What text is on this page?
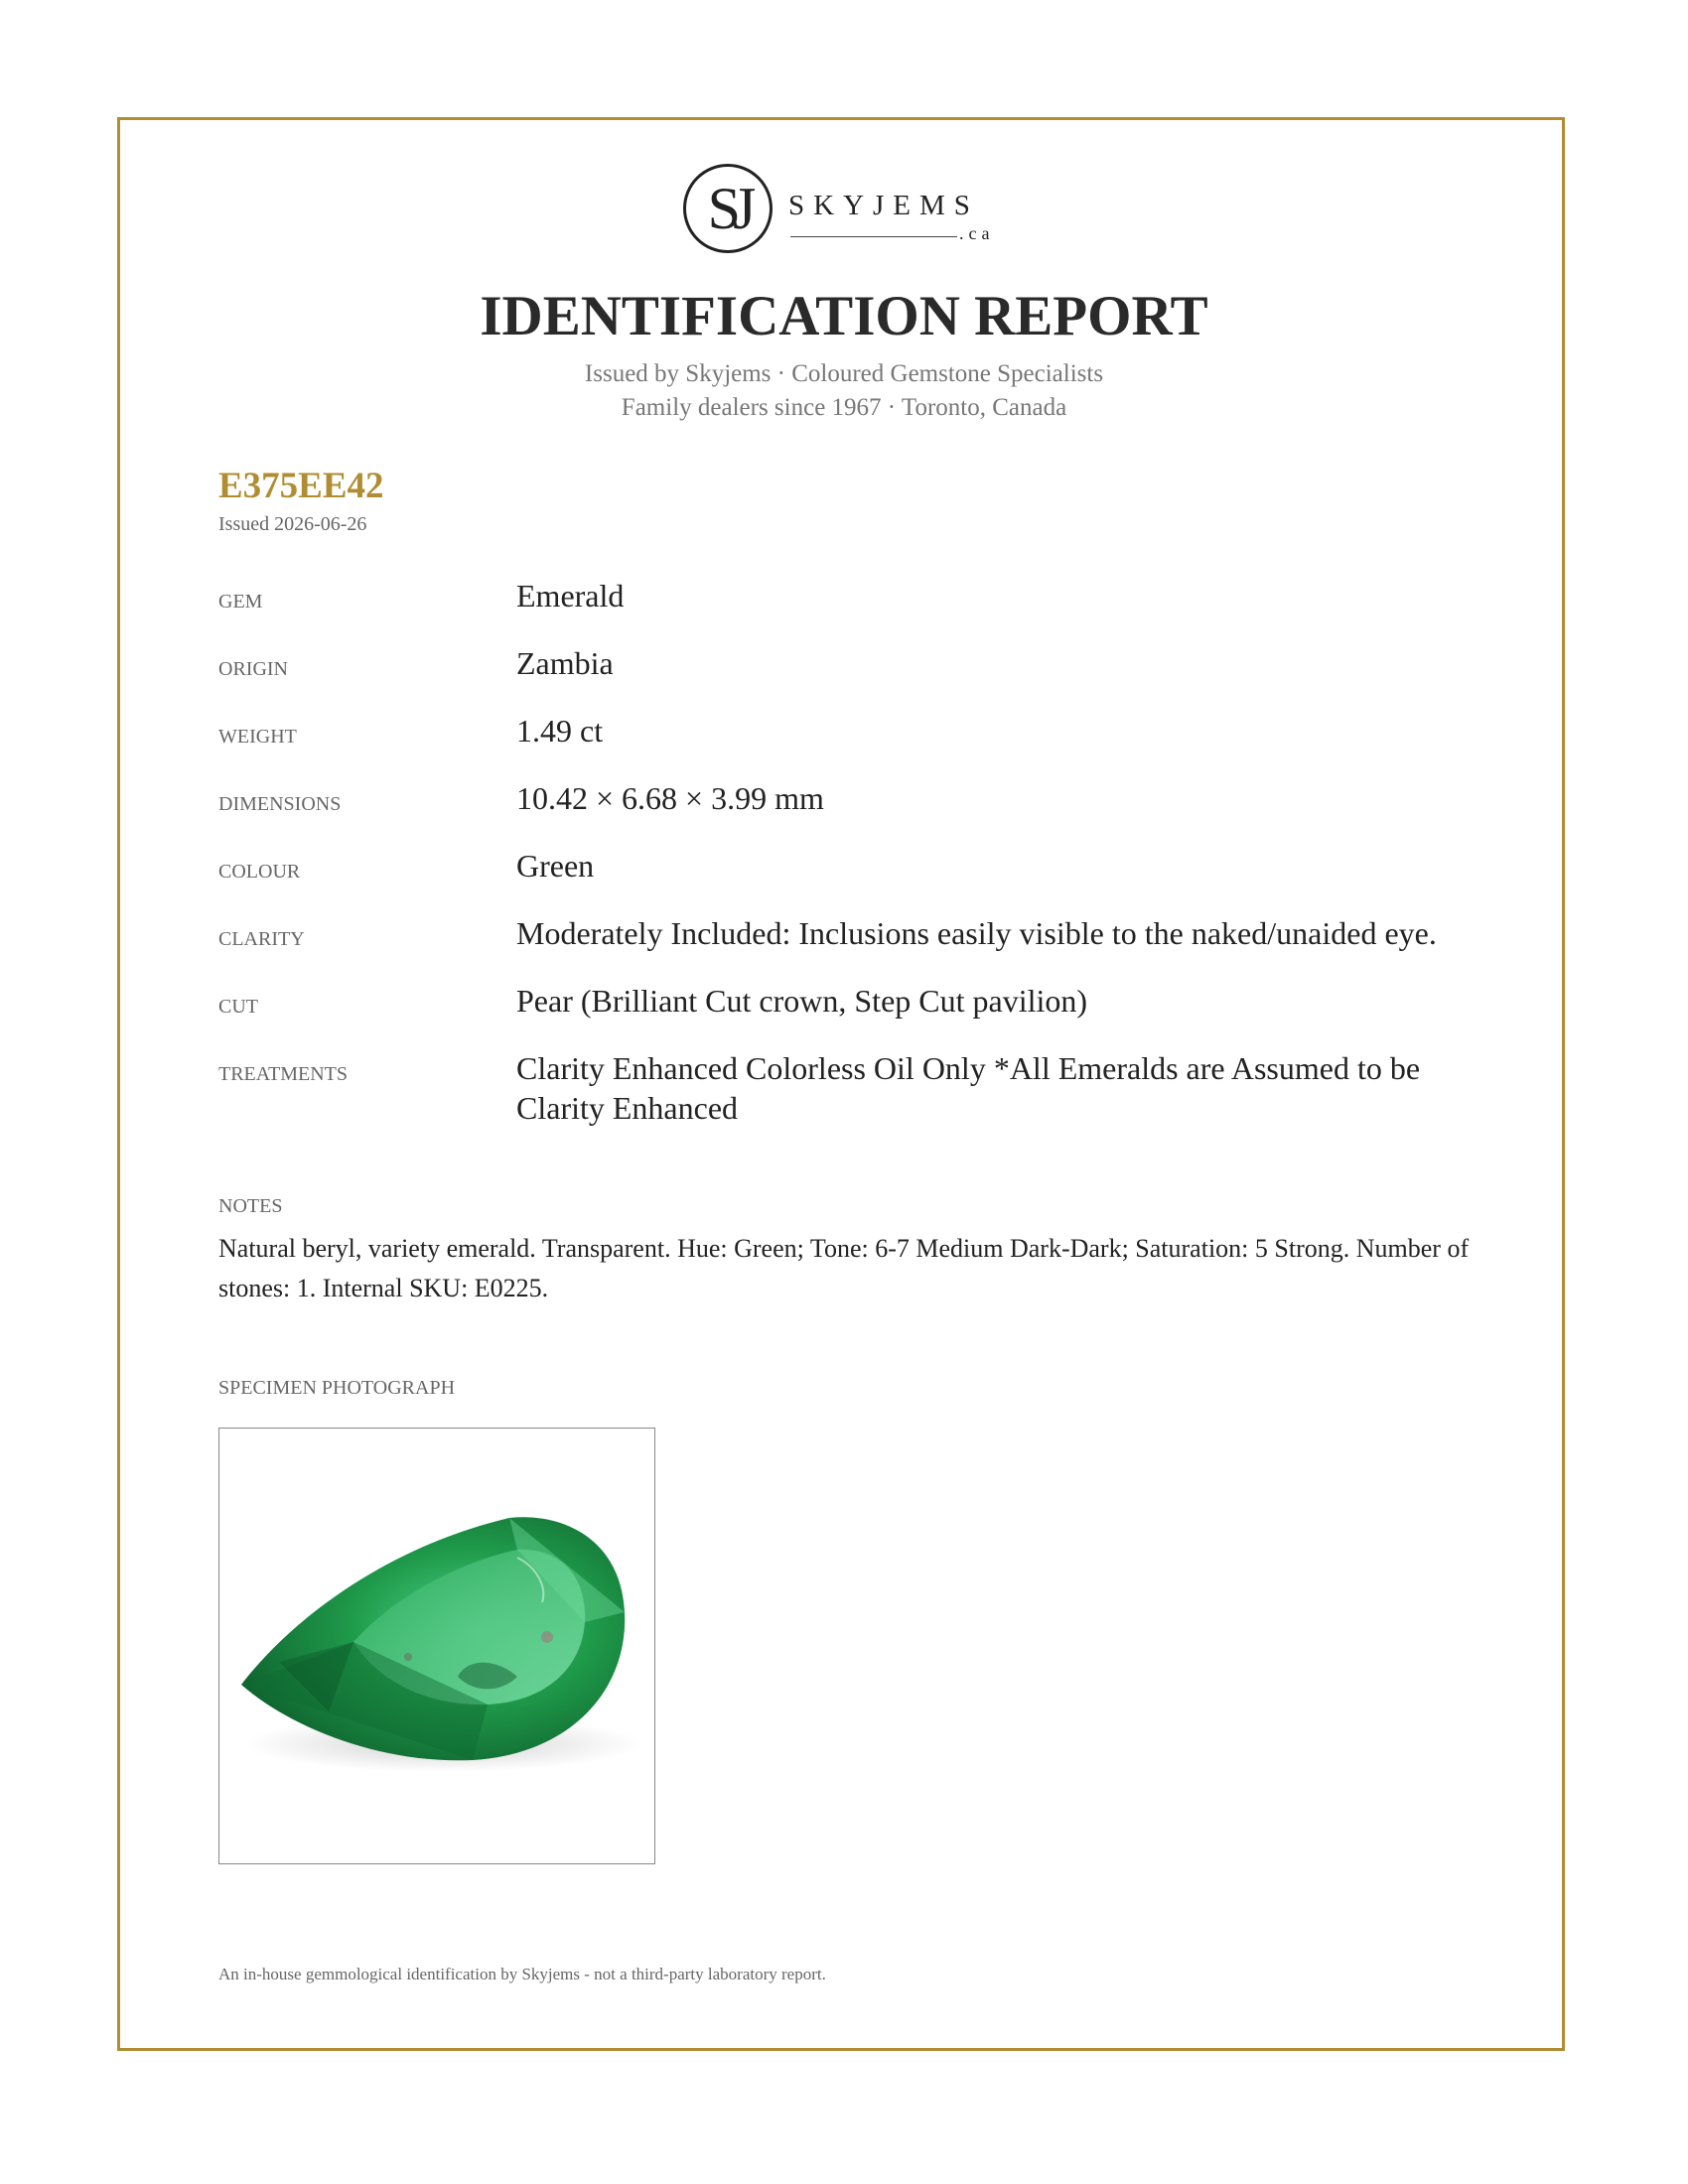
SJ	SKYJEMS
.ca
IDENTIFICATION REPORT
Issued by Skyjems · Coloured Gemstone Specialists
Family dealers since 1967 · Toronto, Canada
E375EE42
Issued 2026-06-26
GEM	Emerald
ORIGIN	Zambia
WEIGHT	1.49 ct
DIMENSIONS	10.42 × 6.68 × 3.99 mm
COLOUR	Green
CLARITY	Moderately Included: Inclusions easily visible to the naked/unaided eye.
CUT	Pear (Brilliant Cut crown, Step Cut pavilion)
TREATMENTS	Clarity Enhanced Colorless Oil Only *All Emeralds are Assumed to be Clarity Enhanced
NOTES
Natural beryl, variety emerald. Transparent. Hue: Green; Tone: 6-7 Medium Dark-Dark; Saturation: 5 Strong. Number of stones: 1. Internal SKU: E0225.
SPECIMEN PHOTOGRAPH
An in-house gemmological identification by Skyjems - not a third-party laboratory report.
